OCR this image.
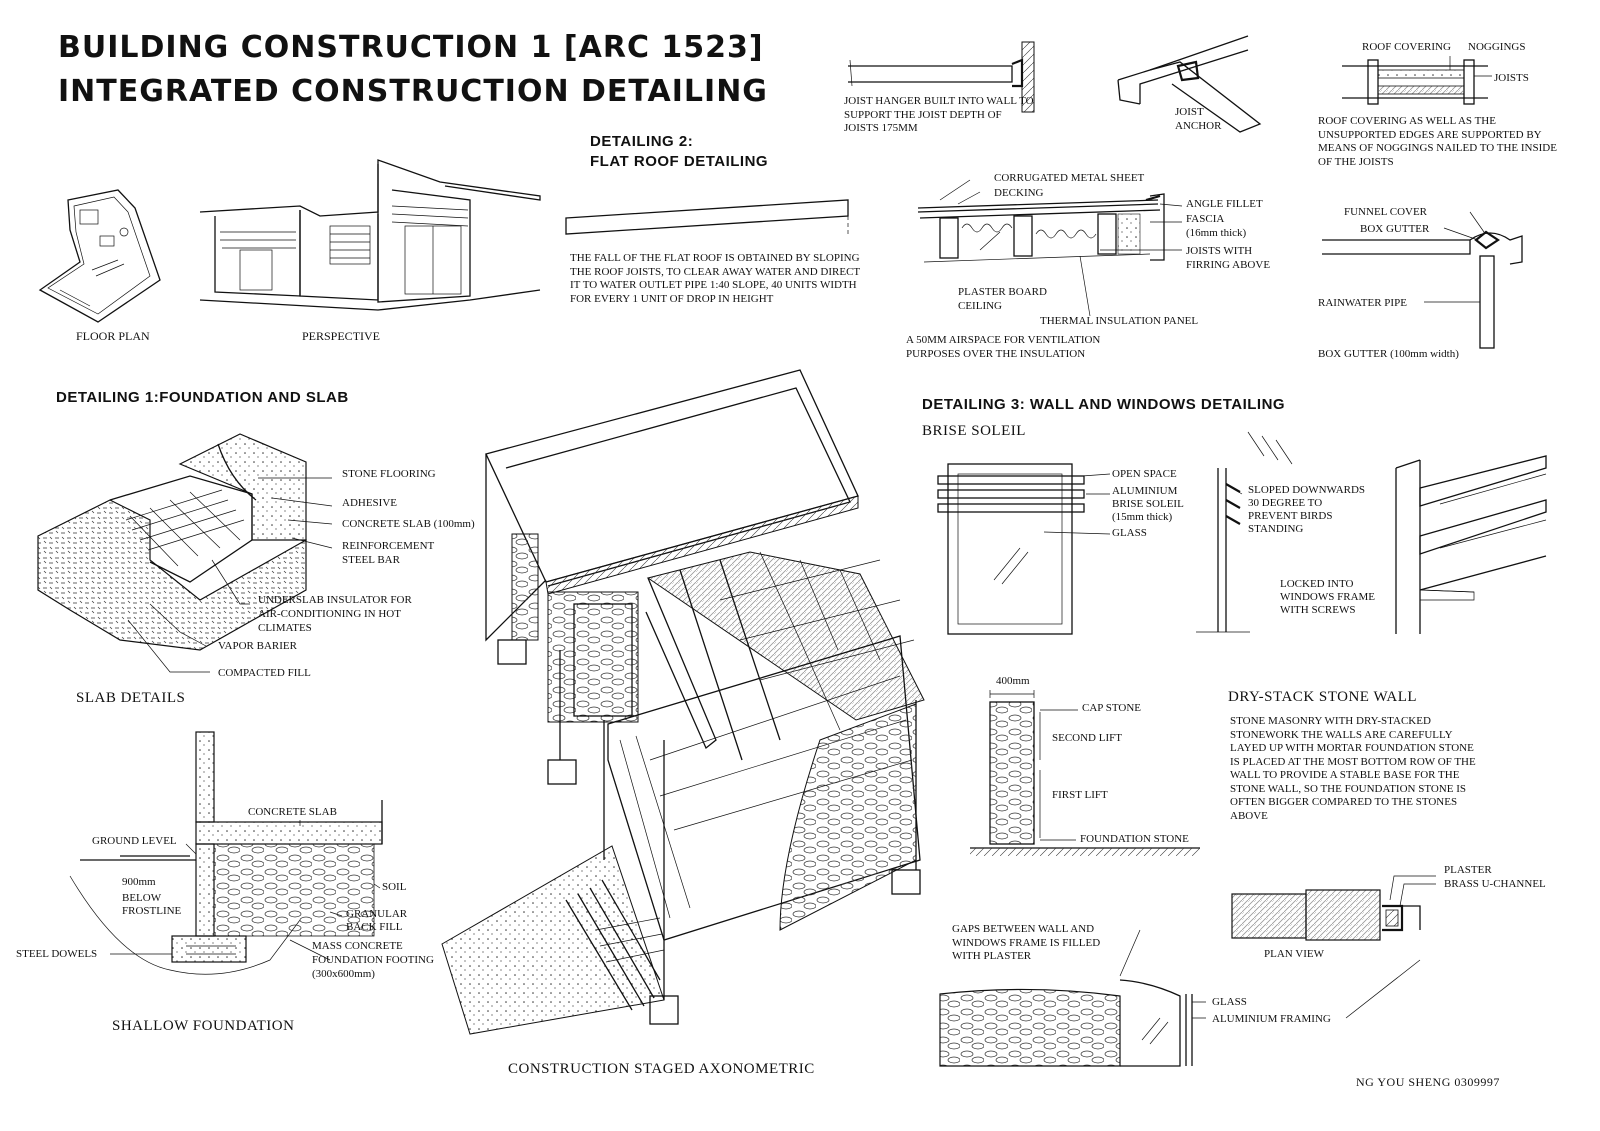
BUILDING CONSTRUCTION 1 [ARC 1523]
INTEGRATED CONSTRUCTION DETAILING
FLOOR PLAN	PERSPECTIVE
DETAILING 2:
FLAT ROOF DETAILING
THE FALL OF THE FLAT ROOF IS OBTAINED BY SLOPING THE ROOF JOISTS, TO CLEAR AWAY WATER AND DIRECT IT TO WATER OUTLET PIPE 1:40 SLOPE, 40 UNITS WIDTH FOR EVERY 1 UNIT OF DROP IN HEIGHT
JOIST HANGER BUILT INTO WALL TO SUPPORT THE JOIST DEPTH OF JOISTS 175MM
JOIST ANCHOR
ROOF COVERING NOGGINGS
JOISTS
ROOF COVERING AS WELL AS THE UNSUPPORTED EDGES ARE SUPPORTED BY MEANS OF NOGGINGS NAILED TO THE INSIDE OF THE JOISTS
CORRUGATED METAL SHEET
DECKING
ANGLE FILLET
FASCIA
(16mm thick)
JOISTS WITH
FIRRING ABOVE
PLASTER BOARD
CEILING
THERMAL INSULATION PANEL
A 50MM AIRSPACE FOR VENTILATION PURPOSES OVER THE INSULATION
FUNNEL COVER
BOX GUTTER
RAINWATER PIPE
BOX GUTTER (100mm width)
DETAILING 1:FOUNDATION AND SLAB
STONE FLOORING
ADHESIVE
CONCRETE SLAB (100mm)
REINFORCEMENT
STEEL BAR
UNDERSLAB INSULATOR FOR
AIR-CONDITIONING IN HOT
CLIMATES
VAPOR BARIER
COMPACTED FILL
SLAB DETAILS
CONCRETE SLAB
GROUND LEVEL
900mm
BELOW
FROSTLINE
SOIL
GRANULAR
BACK FILL
MASS CONCRETE
FOUNDATION FOOTING
(300x600mm)
STEEL DOWELS
SHALLOW FOUNDATION
CONSTRUCTION STAGED AXONOMETRIC
DETAILING 3: WALL AND WINDOWS DETAILING
BRISE SOLEIL
OPEN SPACE
ALUMINIUM
BRISE SOLEIL
(15mm thick)
GLASS
SLOPED DOWNWARDS
30 DEGREE TO
PREVENT BIRDS
STANDING
LOCKED INTO
WINDOWS FRAME
WITH SCREWS
400mm
CAP STONE
SECOND LIFT
FIRST LIFT
FOUNDATION STONE
DRY-STACK STONE WALL
STONE MASONRY WITH DRY-STACKED STONEWORK THE WALLS ARE CAREFULLY LAYED UP WITH MORTAR FOUNDATION STONE IS PLACED AT THE MOST BOTTOM ROW OF THE WALL TO PROVIDE A STABLE BASE FOR THE STONE WALL, SO THE FOUNDATION STONE IS OFTEN BIGGER COMPARED TO THE STONES ABOVE
PLASTER
BRASS U-CHANNEL
PLAN VIEW
GAPS BETWEEN WALL AND WINDOWS FRAME IS FILLED WITH PLASTER
GLASS
ALUMINIUM FRAMING
NG YOU SHENG 0309997
